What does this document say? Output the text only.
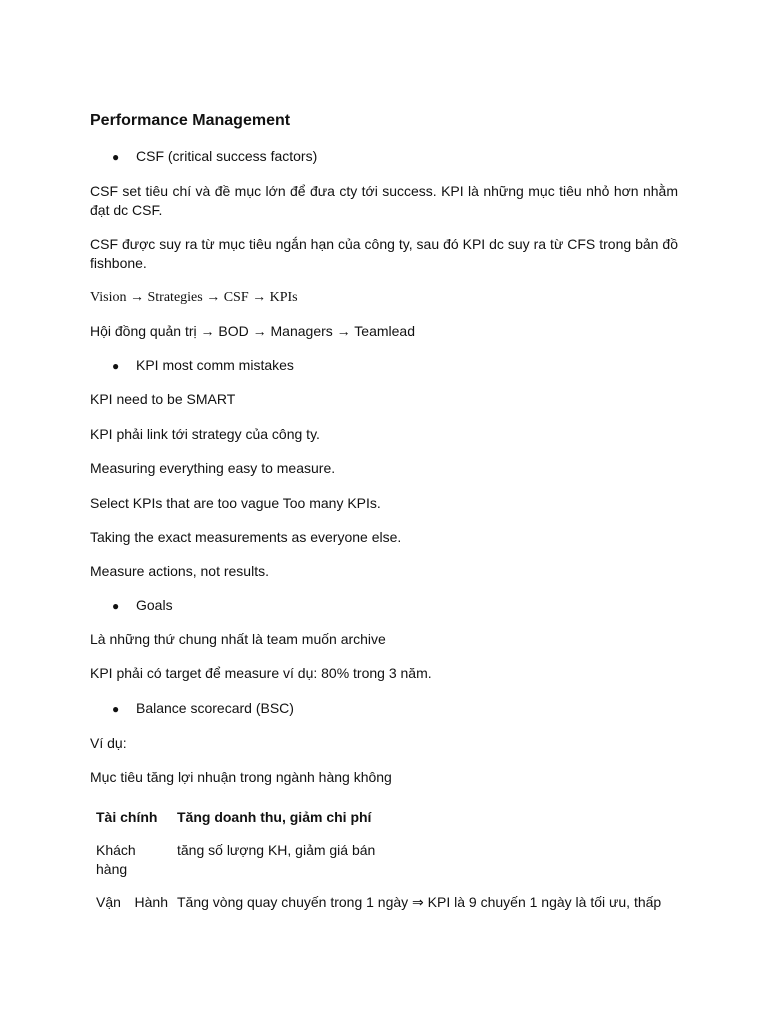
Performance Management
● CSF (critical success factors)

CSF set tiêu chí và đề mục lớn để đưa cty tới success. KPI là những mục tiêu nhỏ hơn nhằm đạt dc CSF.

CSF được suy ra từ mục tiêu ngắn hạn của công ty, sau đó KPI dc suy ra từ CFS trong bản đồ fishbone.

Vision → Strategies → CSF → KPIs

Hội đồng quản trị → BOD → Managers → Teamlead

● KPI most comm mistakes

KPI need to be SMART

KPI phải link tới strategy của công ty.

Measuring everything easy to measure.

Select KPIs that are too vague Too many KPIs.

Taking the exact measurements as everyone else.

Measure actions, not results.

● Goals

Là những thứ chung nhất là team muốn archive

KPI phải có target để measure ví dụ: 80% trong 3 năm.

● Balance scorecard (BSC)

Ví dụ:

Mục tiêu tăng lợi nhuận trong ngành hàng không

Tài chính	Tăng doanh thu, giảm chi phí
Khách hàng
tăng số lượng KH, giảm giá bán
Vận Hành Tăng vòng quay chuyến trong 1 ngày ⇒ KPI là 9 chuyến 1 ngày là tối ưu, thấp
